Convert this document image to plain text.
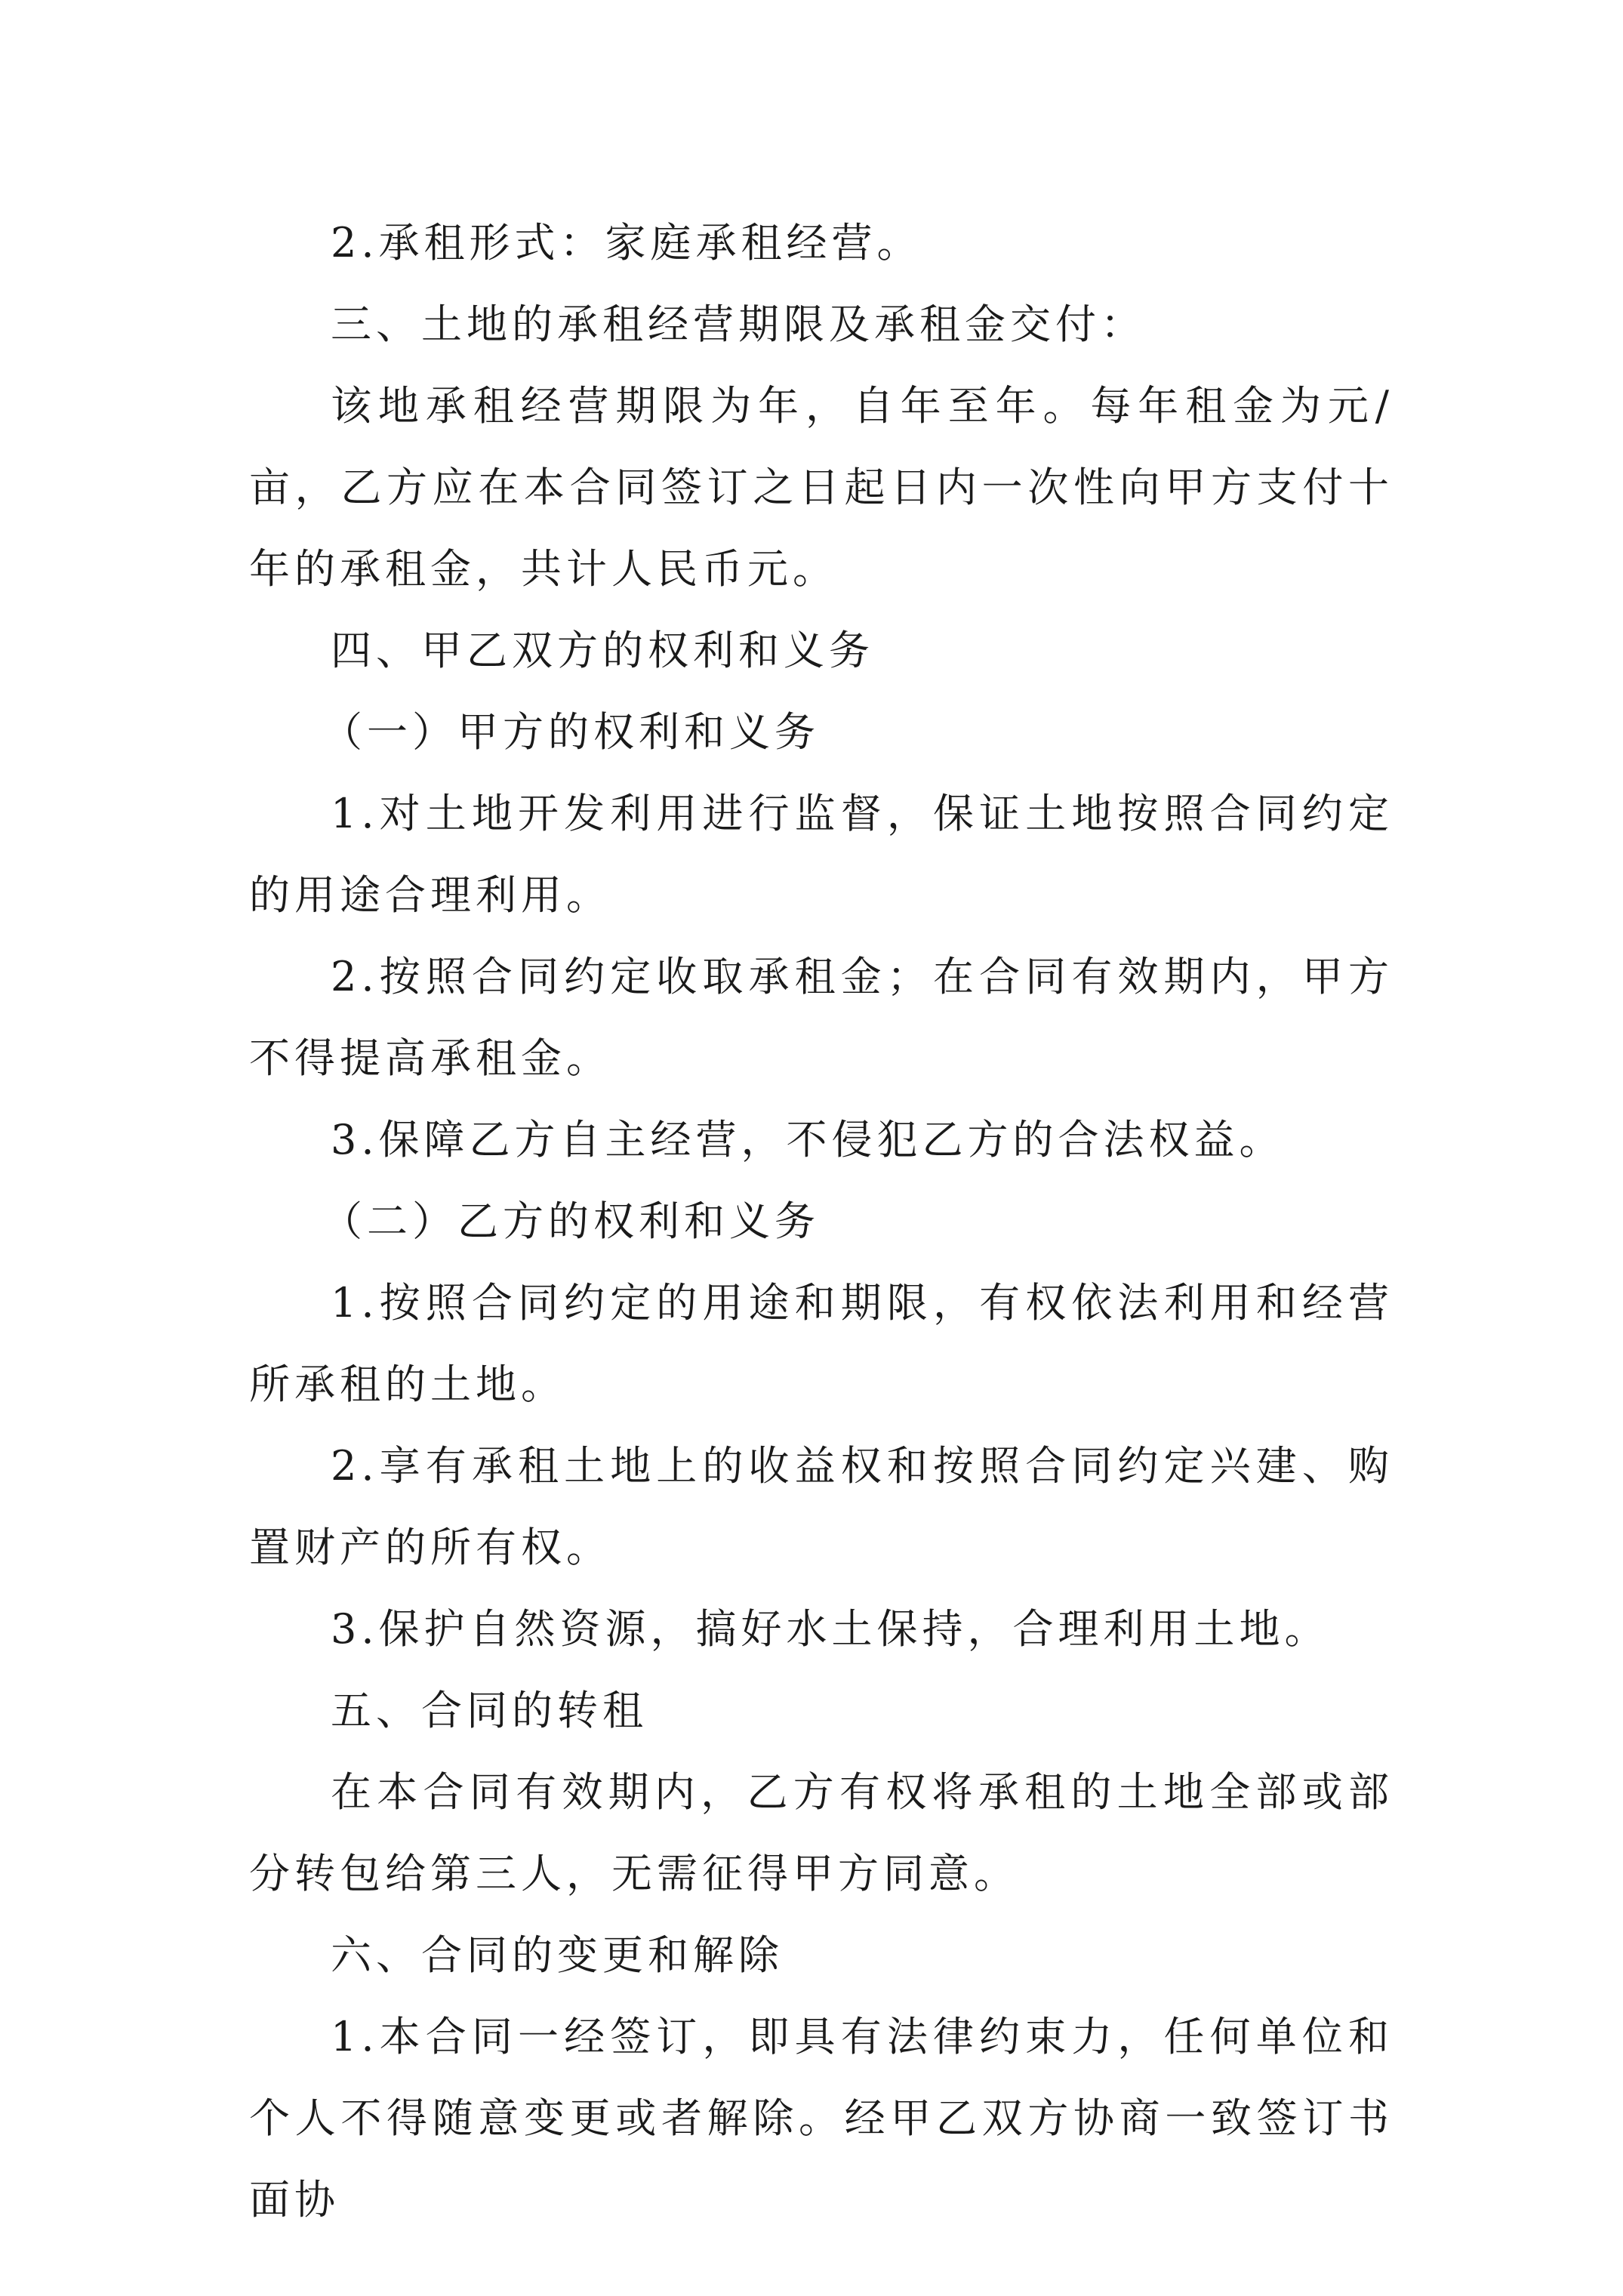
2.承租形式：家庭承租经营。

三、土地的承租经营期限及承租金交付：

该地承租经营期限为年，自年至年。每年租金为元/亩，乙方应在本合同签订之日起日内一次性向甲方支付十年的承租金，共计人民币元。

四、甲乙双方的权利和义务

（一）甲方的权利和义务

1.对土地开发利用进行监督，保证土地按照合同约定的用途合理利用。

2.按照合同约定收取承租金；在合同有效期内，甲方不得提高承租金。

3.保障乙方自主经营，不侵犯乙方的合法权益。

（二）乙方的权利和义务

1.按照合同约定的用途和期限，有权依法利用和经营所承租的土地。

2.享有承租土地上的收益权和按照合同约定兴建、购置财产的所有权。

3.保护自然资源，搞好水土保持，合理利用土地。

五、合同的转租

在本合同有效期内，乙方有权将承租的土地全部或部分转包给第三人，无需征得甲方同意。

六、合同的变更和解除

1.本合同一经签订，即具有法律约束力，任何单位和个人不得随意变更或者解除。经甲乙双方协商一致签订书面协
